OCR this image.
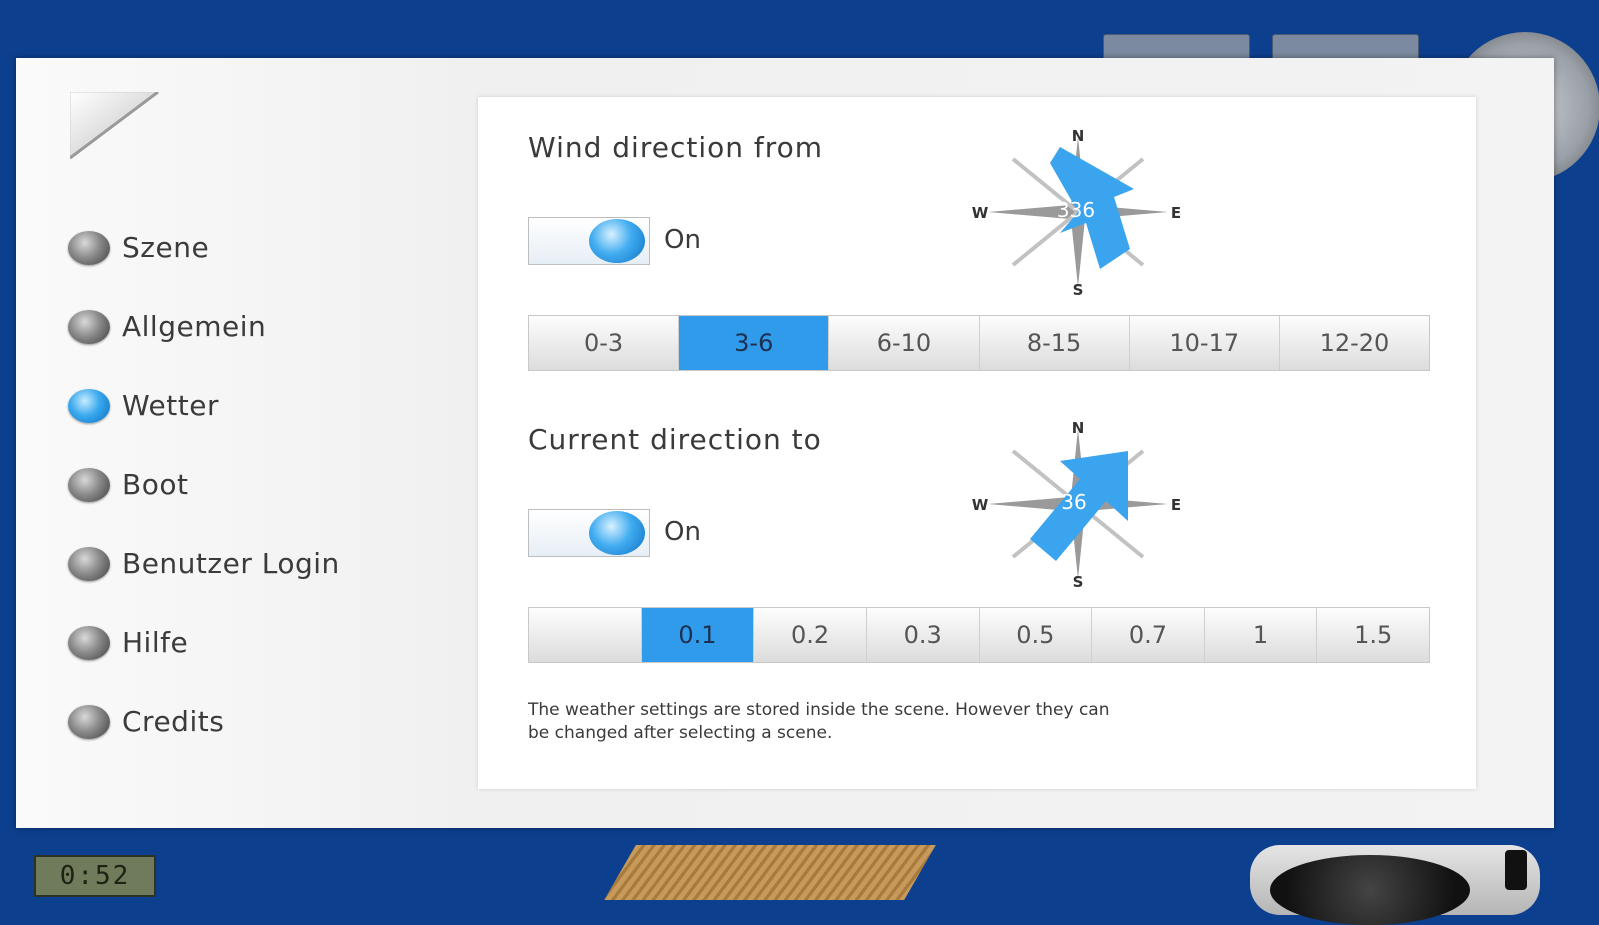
0:52
Szene
Allgemein
Wetter
Boot
Benutzer Login
Hilfe
Credits
Wind direction from
On
N
S
W	E
336
0-3	3-6	6-10	8-15	10-17	12-20
Current direction to
On
N
S
W	E
36
0.1	0.2	0.3	0.5	0.7	1	1.5
The weather settings are stored inside the scene. However they can be changed after selecting a scene.
